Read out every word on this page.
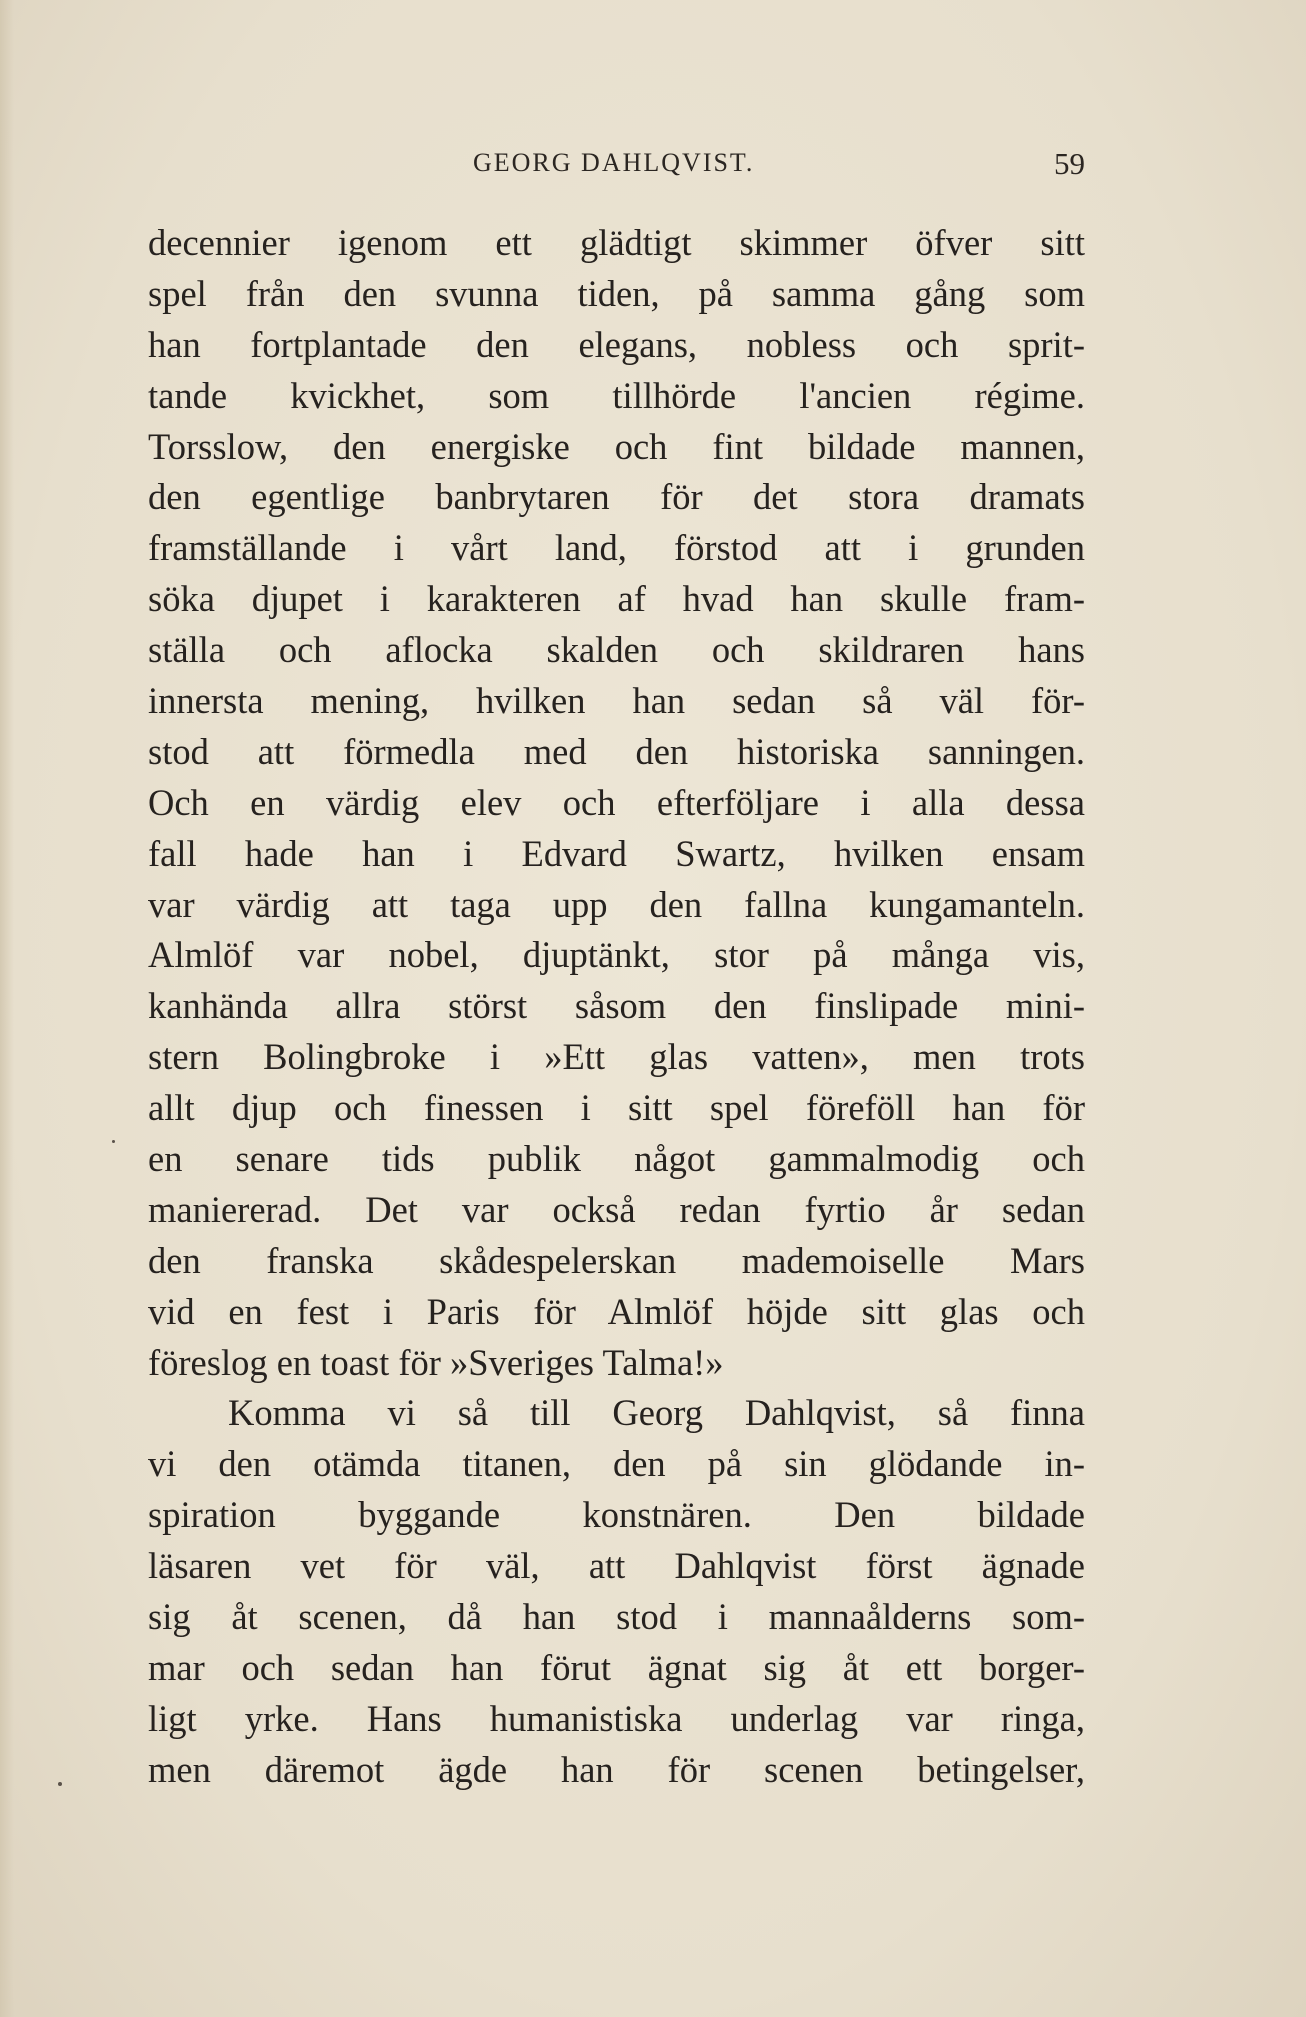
GEORG DAHLQVIST.	59
decennier igenom ett glädtigt skimmer öfver sitt
spel från den svunna tiden, på samma gång som
han fortplantade den elegans, nobless och sprit-
tande kvickhet, som tillhörde l'ancien régime.
Torsslow, den energiske och fint bildade mannen,
den egentlige banbrytaren för det stora dramats
framställande i vårt land, förstod att i grunden
söka djupet i karakteren af hvad han skulle fram-
ställa och aflocka skalden och skildraren hans
innersta mening, hvilken han sedan så väl för-
stod att förmedla med den historiska sanningen.
Och en värdig elev och efterföljare i alla dessa
fall hade han i Edvard Swartz, hvilken ensam
var värdig att taga upp den fallna kungamanteln.
Almlöf var nobel, djuptänkt, stor på många vis,
kanhända allra störst såsom den finslipade mini-
stern Bolingbroke i »Ett glas vatten», men trots
allt djup och finessen i sitt spel föreföll han för
en senare tids publik något gammalmodig och
maniererad. Det var också redan fyrtio år sedan
den franska skådespelerskan mademoiselle Mars
vid en fest i Paris för Almlöf höjde sitt glas och
föreslog en toast för »Sveriges Talma!»
Komma vi så till Georg Dahlqvist, så finna
vi den otämda titanen, den på sin glödande in-
spiration byggande konstnären. Den bildade
läsaren vet för väl, att Dahlqvist först ägnade
sig åt scenen, då han stod i mannaålderns som-
mar och sedan han förut ägnat sig åt ett borger-
ligt yrke. Hans humanistiska underlag var ringa,
men däremot ägde han för scenen betingelser,
